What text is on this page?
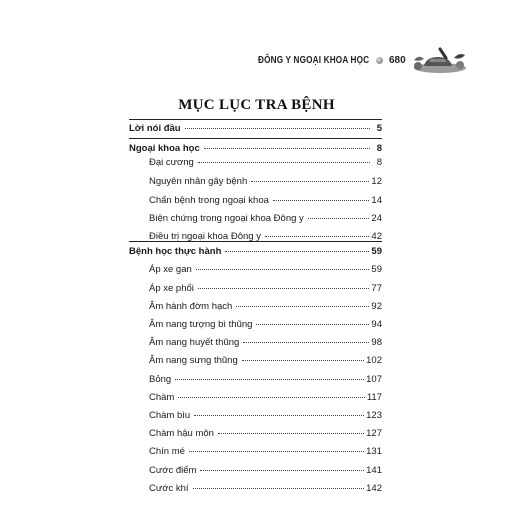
ĐÔNG Y NGOẠI KHOA HỌC 680
MỤC LỤC TRA BỆNH
Lời nói đầu	5
Ngoại khoa học	8
Đại cương	8
Nguyên nhân gây bệnh	12
Chẩn bệnh trong ngoại khoa	14
Biện chứng trong ngoại khoa Đông y	24
Điều trị ngoại khoa Đông y	42
Bệnh học thực hành	59
Áp xe gan	59
Áp xe phổi	77
Âm hành đờm hạch	92
Âm nang tượng bì thũng	94
Âm nang huyết thũng	98
Âm nang sưng thũng	102
Bỏng	107
Chàm	117
Chàm bìu	123
Chàm hậu môn	127
Chín mé	131
Cước điểm	141
Cước khí	142
